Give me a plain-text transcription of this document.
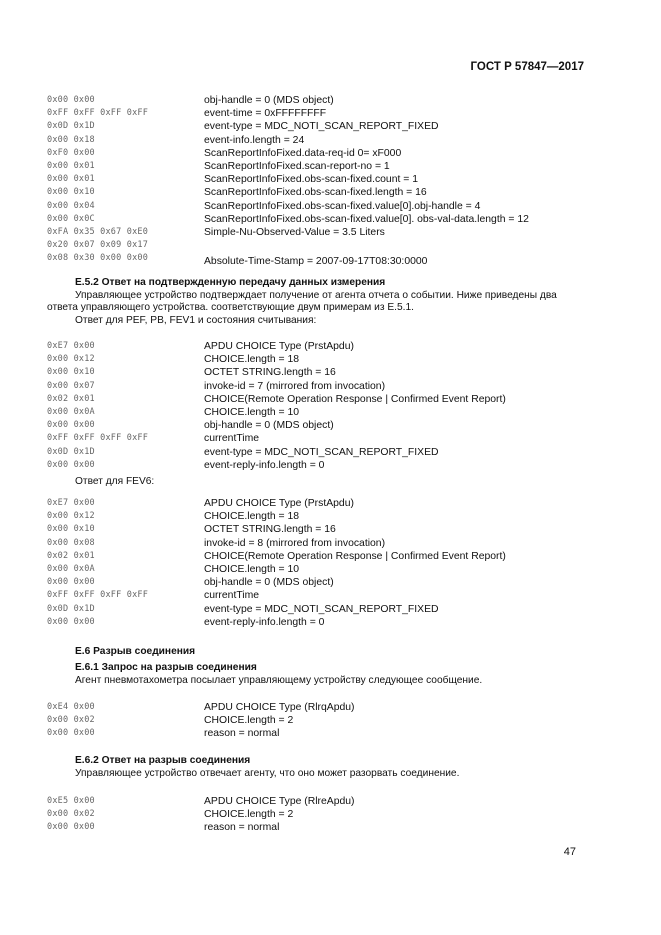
ГОСТ Р 57847—2017
0x00 0x00	obj-handle = 0 (MDS object)
0xFF 0xFF 0xFF 0xFF	event-time = 0xFFFFFFFF
0x0D 0x1D	event-type = MDC_NOTI_SCAN_REPORT_FIXED
0x00 0x18	event-info.length = 24
0xF0 0x00	ScanReportInfoFixed.data-req-id 0= xF000
0x00 0x01	ScanReportInfoFixed.scan-report-no = 1
0x00 0x01	ScanReportInfoFixed.obs-scan-fixed.count = 1
0x00 0x10	ScanReportInfoFixed.obs-scan-fixed.length = 16
0x00 0x04	ScanReportInfoFixed.obs-scan-fixed.value[0].obj-handle = 4
0x00 0x0C	ScanReportInfoFixed.obs-scan-fixed.value[0]. obs-val-data.length = 12
0xFA 0x35 0x67 0xE0	Simple-Nu-Observed-Value = 3.5 Liters
0x20 0x07 0x09 0x17
0x08 0x30 0x00 0x00	Absolute-Time-Stamp = 2007-09-17T08:30:0000
Е.5.2 Ответ на подтвержденную передачу данных измерения
Управляющее устройство подтверждает получение от агента отчета о событии. Ниже приведены два ответа управляющего устройства. соответствующие двум примерам из Е.5.1.
Ответ для PEF, PB, FEV1 и состояния считывания:
0xE7 0x00	APDU CHOICE Type (PrstApdu)
0x00 0x12	CHOICE.length = 18
0x00 0x10	OCTET STRING.length = 16
0x00 0x07	invoke-id = 7 (mirrored from invocation)
0x02 0x01	CHOICE(Remote Operation Response | Confirmed Event Report)
0x00 0x0A	CHOICE.length = 10
0x00 0x00	obj-handle = 0 (MDS object)
0xFF 0xFF 0xFF 0xFF	currentTime
0x0D 0x1D	event-type = MDC_NOTI_SCAN_REPORT_FIXED
0x00 0x00	event-reply-info.length = 0
Ответ для FEV6:
0xE7 0x00	APDU CHOICE Type (PrstApdu)
0x00 0x12	CHOICE.length = 18
0x00 0x10	OCTET STRING.length = 16
0x00 0x08	invoke-id = 8 (mirrored from invocation)
0x02 0x01	CHOICE(Remote Operation Response | Confirmed Event Report)
0x00 0x0A	CHOICE.length = 10
0x00 0x00	obj-handle = 0 (MDS object)
0xFF 0xFF 0xFF 0xFF	currentTime
0x0D 0x1D	event-type = MDC_NOTI_SCAN_REPORT_FIXED
0x00 0x00	event-reply-info.length = 0
Е.6 Разрыв соединения
Е.6.1 Запрос на разрыв соединения
Агент пневмотахометра посылает управляющему устройству следующее сообщение.
0xE4 0x00	APDU CHOICE Type (RlrqApdu)
0x00 0x02	CHOICE.length = 2
0x00 0x00	reason = normal
Е.6.2 Ответ на разрыв соединения
Управляющее устройство отвечает агенту, что оно может разорвать соединение.
0xE5 0x00	APDU CHOICE Type (RlreApdu)
0x00 0x02	CHOICE.length = 2
0x00 0x00	reason = normal
47
